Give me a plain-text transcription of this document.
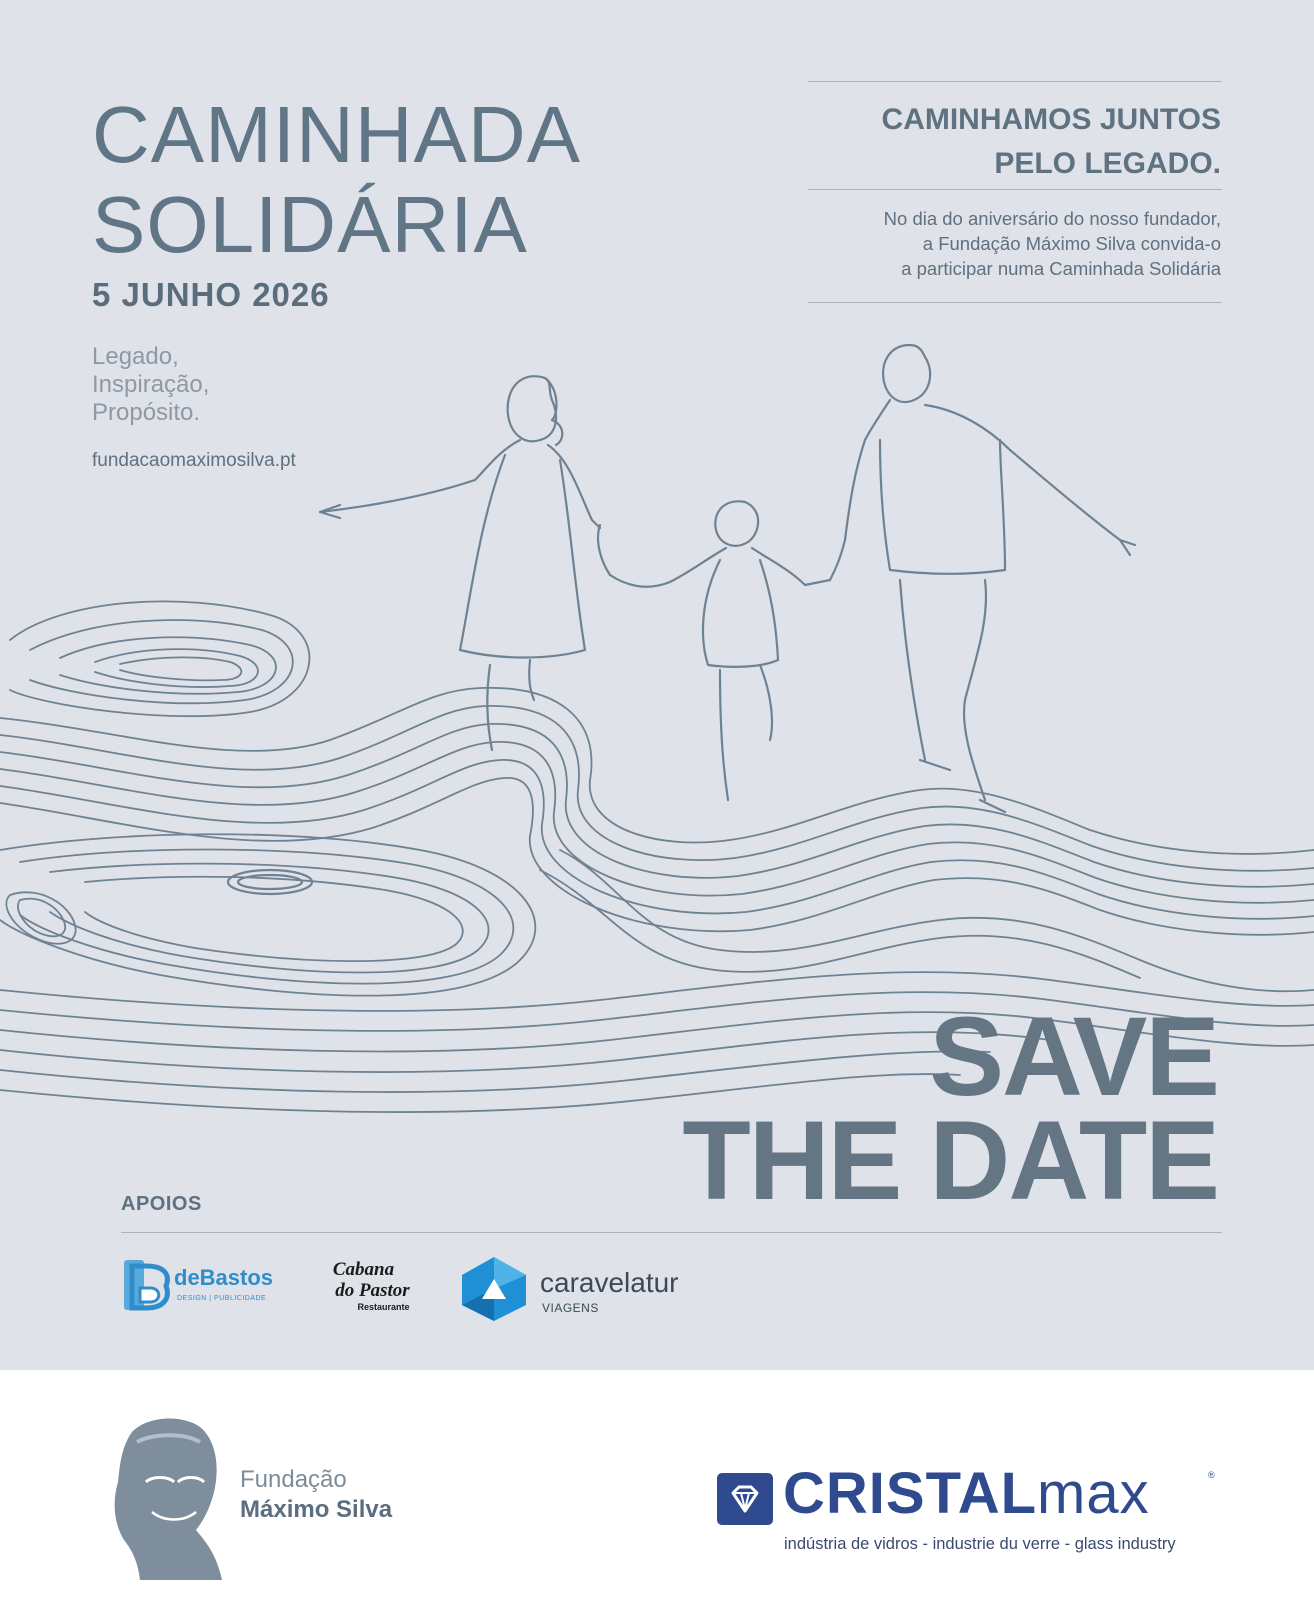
CAMINHADA
SOLIDÁRIA
5 JUNHO 2026
Legado,
Inspiração,
Propósito.
fundacaomaximosilva.pt
CAMINHAMOS JUNTOS
PELO LEGADO.
No dia do aniversário do nosso fundador,
a Fundação Máximo Silva convida-o
a participar numa Caminhada Solidária
SAVE
THE DATE
APOIOS
deBastos
DESIGN | PUBLICIDADE
Cabana
do Pastor
Restaurante
caravelatur
VIAGENS
Fundação
Máximo Silva	CRISTALmax	®
indústria de vidros - industrie du verre - glass industry
